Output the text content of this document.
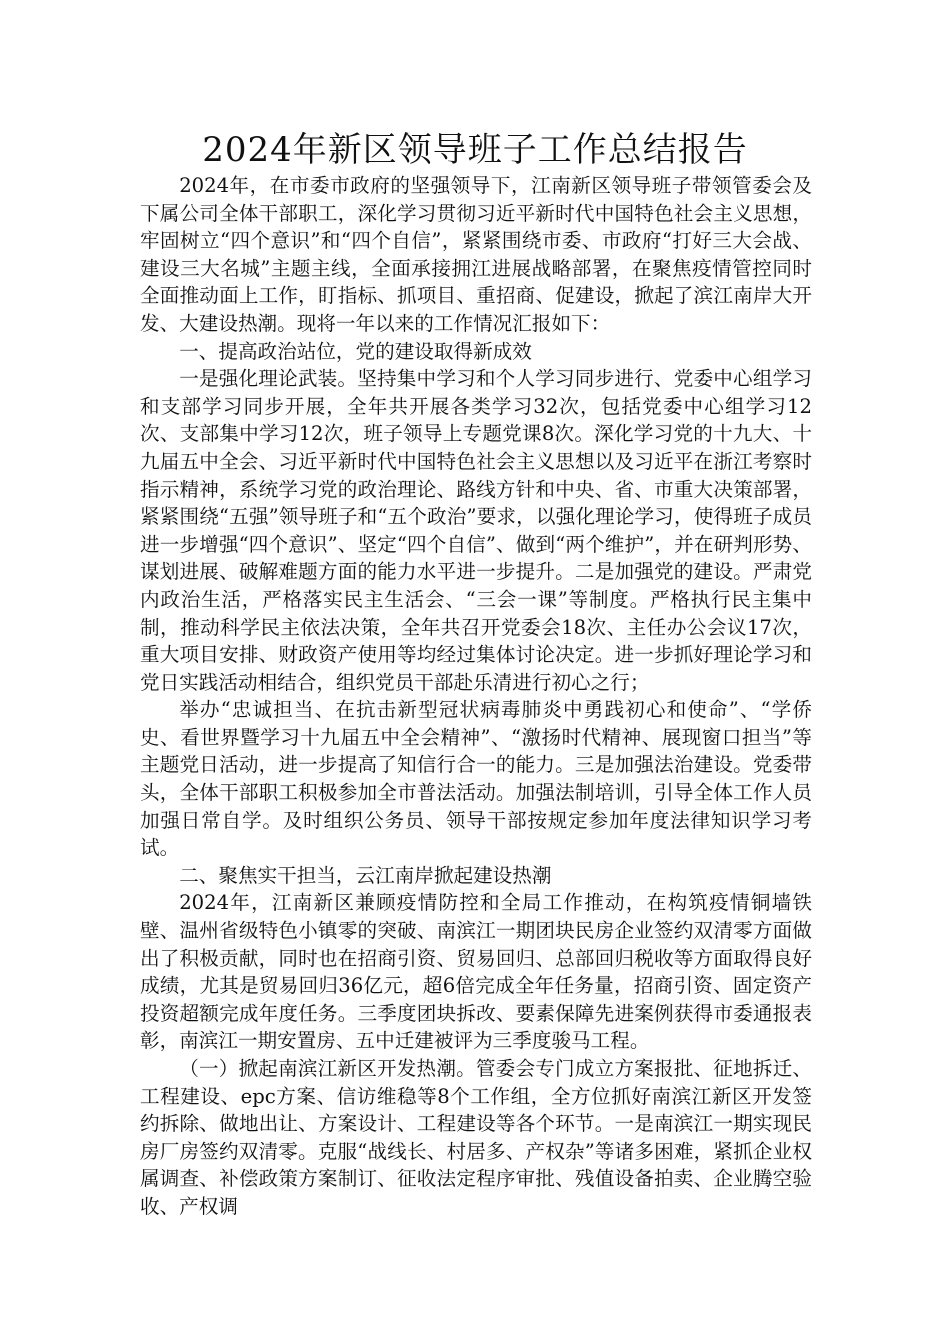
2024年新区领导班子工作总结报告

2024年，在市委市政府的坚强领导下，江南新区领导班子带领管委会及下属公司全体干部职工，深化学习贯彻习近平新时代中国特色社会主义思想，牢固树立“四个意识”和“四个自信”，紧紧围绕市委、市政府“打好三大会战、建设三大名城”主题主线，全面承接拥江进展战略部署，在聚焦疫情管控同时全面推动面上工作，盯指标、抓项目、重招商、促建设，掀起了滨江南岸大开发、大建设热潮。现将一年以来的工作情况汇报如下：

一、提高政治站位，党的建设取得新成效

一是强化理论武装。坚持集中学习和个人学习同步进行、党委中心组学习和支部学习同步开展，全年共开展各类学习32次，包括党委中心组学习12次、支部集中学习12次，班子领导上专题党课8次。深化学习党的十九大、十九届五中全会、习近平新时代中国特色社会主义思想以及习近平在浙江考察时指示精神，系统学习党的政治理论、路线方针和中央、省、市重大决策部署，紧紧围绕“五强”领导班子和“五个政治”要求，以强化理论学习，使得班子成员进一步增强“四个意识”、坚定“四个自信”、做到“两个维护”，并在研判形势、谋划进展、破解难题方面的能力水平进一步提升。二是加强党的建设。严肃党内政治生活，严格落实民主生活会、“三会一课”等制度。严格执行民主集中制，推动科学民主依法决策，全年共召开党委会18次、主任办公会议17次，重大项目安排、财政资产使用等均经过集体讨论决定。进一步抓好理论学习和党日实践活动相结合，组织党员干部赴乐清进行初心之行；

举办“忠诚担当、在抗击新型冠状病毒肺炎中勇践初心和使命”、“学侨史、看世界暨学习十九届五中全会精神”、“激扬时代精神、展现窗口担当”等主题党日活动，进一步提高了知信行合一的能力。三是加强法治建设。党委带头，全体干部职工积极参加全市普法活动。加强法制培训，引导全体工作人员加强日常自学。及时组织公务员、领导干部按规定参加年度法律知识学习考试。

二、聚焦实干担当，云江南岸掀起建设热潮

2024年，江南新区兼顾疫情防控和全局工作推动，在构筑疫情铜墙铁壁、温州省级特色小镇零的突破、南滨江一期团块民房企业签约双清零方面做出了积极贡献，同时也在招商引资、贸易回归、总部回归税收等方面取得良好成绩，尤其是贸易回归36亿元，超6倍完成全年任务量，招商引资、固定资产投资超额完成年度任务。三季度团块拆改、要素保障先进案例获得市委通报表彰，南滨江一期安置房、五中迁建被评为三季度骏马工程。

（一）掀起南滨江新区开发热潮。管委会专门成立方案报批、征地拆迁、工程建设、epc方案、信访维稳等8个工作组，全方位抓好南滨江新区开发签约拆除、做地出让、方案设计、工程建设等各个环节。一是南滨江一期实现民房厂房签约双清零。克服“战线长、村居多、产权杂”等诸多困难，紧抓企业权属调查、补偿政策方案制订、征收法定程序审批、残值设备拍卖、企业腾空验收、产权调
